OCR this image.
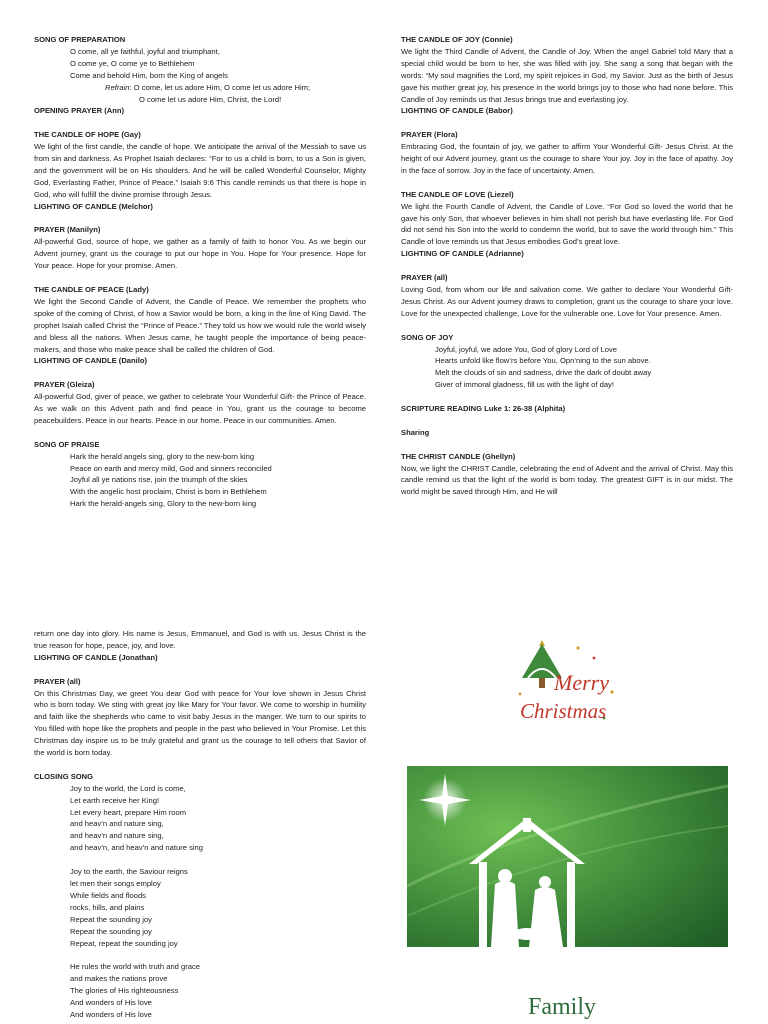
SONG OF PREPARATION

O come, all ye faithful, joyful and triumphant,

O come ye, O come ye to Bethlehem

Come and behold Him, born the King of angels

Refrain: O come, let us adore Him, O come let us adore Him;

O come let us adore Him, Christ, the Lord!

OPENING PRAYER (Ann)

THE CANDLE OF HOPE (Gay)

We light of the first candle, the candle of hope. We anticipate the arrival of the Messiah to save us from sin and darkness. As Prophet Isaiah declares: “For to us a child is born, to us a Son is given, and the government will be on His shoulders. And he will be called Wonderful Counselor, Mighty God, Everlasting Father, Prince of Peace.” Isaiah 9:6 This candle reminds us that there is hope in God, who will fulfill the divine promise through Jesus.

LIGHTING OF CANDLE (Melchor)

PRAYER (Manilyn)

All-powerful God, source of hope, we gather as a family of faith to honor You. As we begin our Advent journey, grant us the courage to put our hope in You. Hope for Your presence. Hope for Your peace. Hope for your promise. Amen.

THE CANDLE OF PEACE (Lady)

We light the Second Candle of Advent, the Candle of Peace. We remember the prophets who spoke of the coming of Christ, of how a Savior would be born, a king in the line of King David. The prophet Isaiah called Christ the “Prince of Peace.” They told us how we would rule the world wisely and bless all the nations. When Jesus came, he taught people the importance of being peace-makers, and those who make peace shall be called the children of God.

LIGHTING OF CANDLE (Danilo)

PRAYER (Gleiza)

All-powerful God, giver of peace, we gather to celebrate Your Wonderful Gift- the Prince of Peace. As we walk on this Advent path and find peace in You, grant us the courage to become peacebuilders. Peace in our hearts. Peace in our home. Peace in our communities. Amen.

SONG OF PRAISE

Hark the herald angels sing, glory to the new-born king

Peace on earth and mercy mild, God and sinners reconciled

Joyful all ye nations rise, join the triumph of the skies

With the angelic host proclaim, Christ is born in Bethlehem

Hark the herald-angels sing, Glory to the new-born king

THE CANDLE OF JOY (Connie)

We light the Third Candle of Advent, the Candle of Joy. When the angel Gabriel told Mary that a special child would be born to her, she was filled with joy. She sang a song that began with the words: “My soul magnifies the Lord, my spirit rejoices in God, my Savior. Just as the birth of Jesus gave his mother great joy, his presence in the world brings joy to those who had none before. This Candle of Joy reminds us that Jesus brings true and everlasting joy.

LIGHTING OF CANDLE (Babor)

PRAYER (Flora)

Embracing God, the fountain of joy, we gather to affirm Your Wonderful Gift- Jesus Christ. At the height of our Advent journey, grant us the courage to share Your joy. Joy in the face of apathy. Joy in the face of sorrow. Joy in the face of uncertainty. Amen.

THE CANDLE OF LOVE (Liezel)

We light the Fourth Candle of Advent, the Candle of Love. “For God so loved the world that he gave his only Son, that whoever believes in him shall not perish but have everlasting life. For God did not send his Son into the world to condemn the world, but to save the world through him.” This Candle of love reminds us that Jesus embodies God’s great love.

LIGHTING OF CANDLE (Adrianne)

PRAYER (all)

Loving God, from whom our life and salvation come. We gather to declare Your Wonderful Gift- Jesus Christ. As our Advent journey draws to completion, grant us the courage to share your love. Love for the unexpected challenge, Love for the vulnerable one. Love for Your presence. Amen.

SONG OF JOY

Joyful, joyful, we adore You, God of glory Lord of Love

Hearts unfold like flow’rs before You, Opn’ning to the sun above.

Melt the clouds of sin and sadness, drive the dark of doubt away

Giver of immoral gladness, fill us with the light of day!

SCRIPTURE READING Luke 1: 26-38 (Alphita)

Sharing

THE CHRIST CANDLE (Ghellyn)

Now, we light the CHRIST Candle, celebrating the end of Advent and the arrival of Christ. May this candle remind us that the light of the world is born today. The greatest GIFT is in our midst. The world might be saved through Him, and He will

return one day into glory. His name is Jesus, Emmanuel, and God is with us. Jesus Christ is the true reason for hope, peace, joy, and love.

LIGHTING OF CANDLE (Jonathan)

PRAYER (all)

On this Christmas Day, we greet You dear God with peace for Your love shown in Jesus Christ who is born today. We sting with great joy like Mary for Your favor. We come to worship in humility and faith like the shepherds who came to visit baby Jesus in the manger. We turn to our spirits to You filled with hope like the prophets and people in the past who believed in Your Promise. Let this Christmas day inspire us to be truly grateful and grant us the courage to tell others that Savior of the world is born today.

CLOSING SONG

Joy to the world, the Lord is come,

Let earth receive her King!

Let every heart, prepare Him room

and heav’n and nature sing,

and heav’n and nature sing,

and heav’n, and heav’n and nature sing

Joy to the earth, the Saviour reigns

let men their songs employ

While fields and floods

rocks, hills, and plains

Repeat the sounding joy

Repeat the sounding joy

Repeat, repeat the sounding joy

He rules the world with truth and grace

and makes the nations prove

The glories of His righteousness

And wonders of His love

And wonders of His love

Merry
Christmas
Family
